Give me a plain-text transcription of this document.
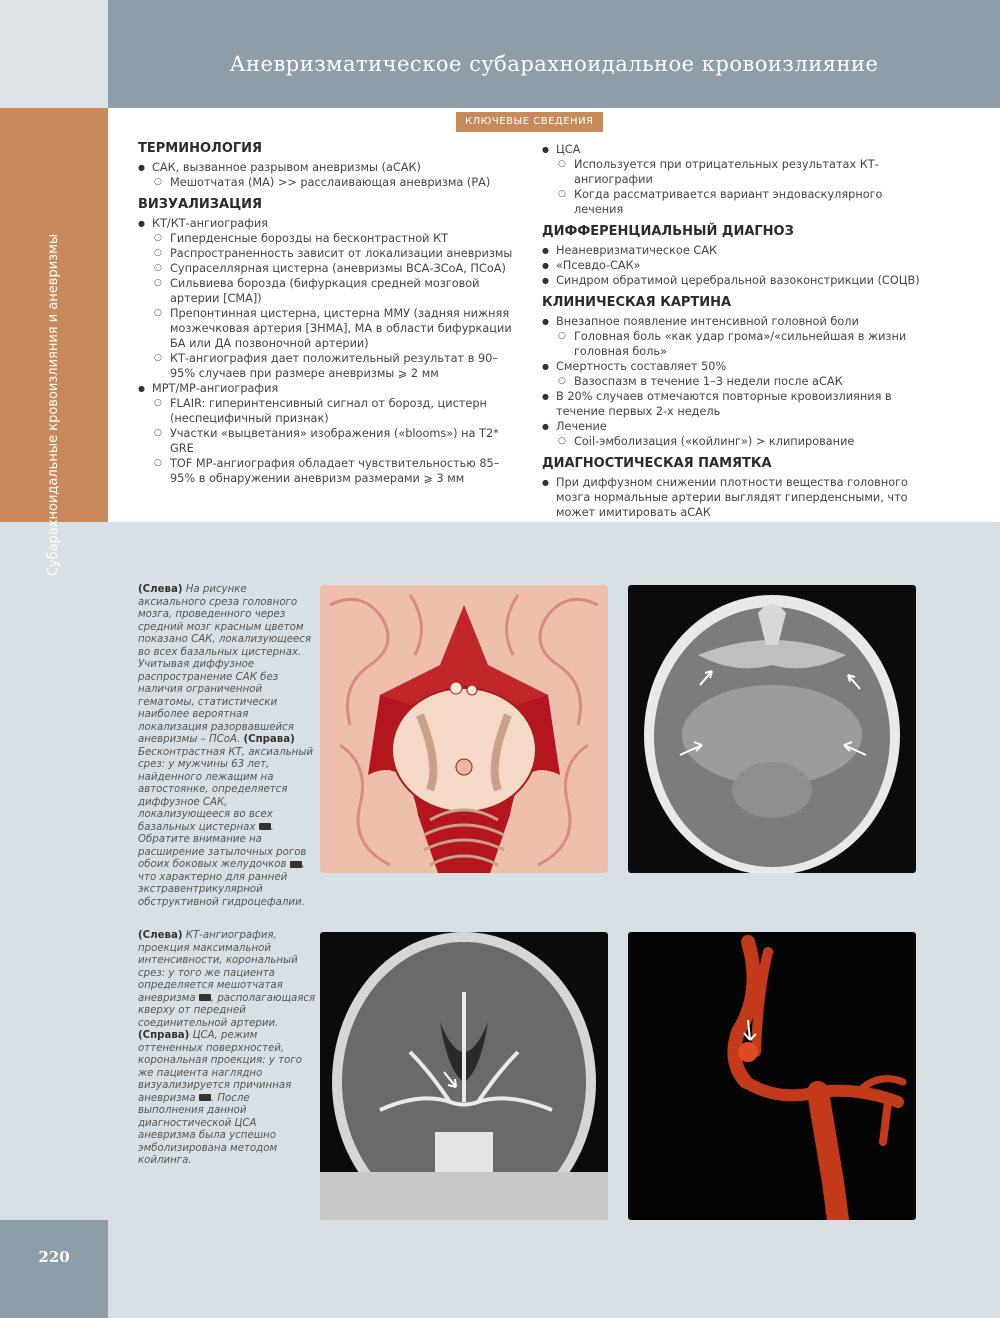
Аневризматическое субарахноидальное кровоизлияние
Субарахноидальные кровоизлияния и аневризмы
КЛЮЧЕВЫЕ СВЕДЕНИЯ
ТЕРМИНОЛОГИЯ
● САК, вызванное разрывом аневризмы (аСАК)
○ Мешотчатая (МА) >> расслаивающая аневризма (РА)
ВИЗУАЛИЗАЦИЯ
● КТ/КТ-ангиография
○ Гиперденсные борозды на бесконтрастной КТ
○ Распространенность зависит от локализации аневризмы
○ Супраселлярная цистерна (аневризмы ВСА-ЗСоА, ПСоА)
○ Сильвиева борозда (бифуркация средней мозговой артерии [СМА])
○ Препонтинная цистерна, цистерна ММУ (задняя нижняя мозжечковая артерия [ЗНМА], МА в области бифуркации БА или ДА позвоночной артерии)
○ КТ-ангиография дает положительный результат в 90–95% случаев при размере аневризмы ⩾ 2 мм
● МРТ/МР-ангиография
○ FLAIR: гиперинтенсивный сигнал от борозд, цистерн (неспецифичный признак)
○ Участки «выцветания» изображения («blooms») на Т2* GRE
○ TOF МР-ангиография обладает чувствительностью 85–95% в обнаружении аневризм размерами ⩾ 3 мм
● ЦСА
○ Используется при отрицательных результатах КТ-ангиографии
○ Когда рассматривается вариант эндоваскулярного лечения
ДИФФЕРЕНЦИАЛЬНЫЙ ДИАГНОЗ
● Неаневризматическое САК
● «Псевдо-САК»
● Синдром обратимой церебральной вазоконстрикции (СОЦВ)
КЛИНИЧЕСКАЯ КАРТИНА
● Внезапное появление интенсивной головной боли
○ Головная боль «как удар грома»/«сильнейшая в жизни головная боль»
● Смертность составляет 50%
○ Вазоспазм в течение 1–3 недели после аСАК
● В 20% случаев отмечаются повторные кровоизлияния в течение первых 2-х недель
● Лечение
○ Coil-эмболизация («койлинг») > клипирование
ДИАГНОСТИЧЕСКАЯ ПАМЯТКА
● При диффузном снижении плотности вещества головного мозга нормальные артерии выглядят гиперденсными, что может имитировать аСАК
(Слева) На рисунке аксиального среза головного мозга, проведенного через средний мозг красным цветом показано САК, локализующееся во всех базальных цистернах. Учитывая диффузное распространение САК без наличия ограниченной гематомы, статистически наиболее вероятная локализация разорвавшейся аневризмы – ПСоА. (Справа) Бесконтрастная КТ, аксиальный срез: у мужчины 63 лет, найденного лежащим на автостоянке, определяется диффузное САК, локализующееся во всех базальных цистернах . Обратите внимание на расширение затылочных рогов обоих боковых желудочков , что характерно для ранней экстравентрикулярной обструктивной гидроцефалии.
(Слева) КТ-ангиография, проекция максимальной интенсивности, корональный срез: у того же пациента определяется мешотчатая аневризма , располагающаяся кверху от передней соединительной артерии. (Справа) ЦСА, режим оттененных поверхностей, корональная проекция: у того же пациента наглядно визуализируется причинная аневризма . После выполнения данной диагностической ЦСА аневризма была успешно эмболизирована методом койлинга.
220
